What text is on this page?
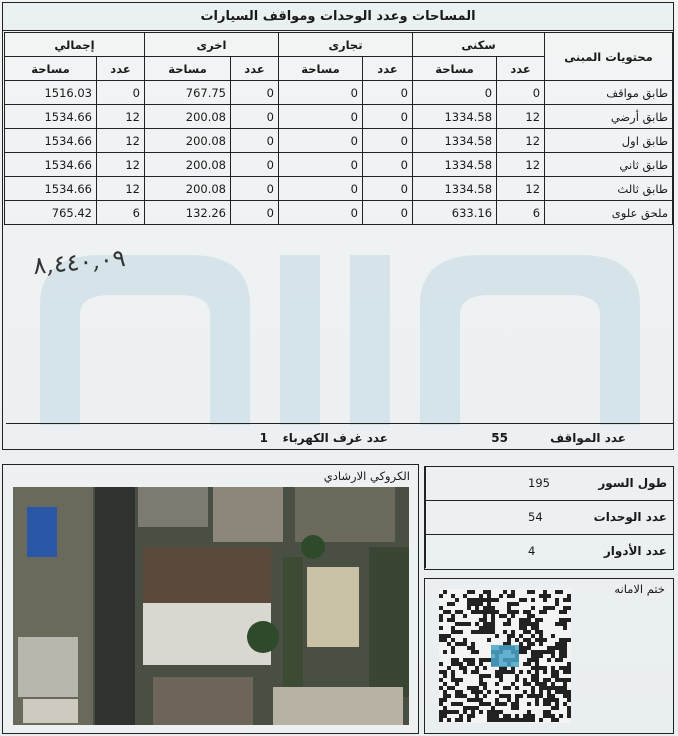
المساحات وعدد الوحدات ومواقف السيارات
محتويات المبنى	سكنى		تجارى		اخرى		إجمالي	
	عدد	مساحة	عدد	مساحة	عدد	مساحة	عدد	مساحة
طابق مواقف	0	0	0	0	0	767.75	0	1516.03
طابق أرضي	12	1334.58	0	0	0	200.08	12	1534.66
طابق اول	12	1334.58	0	0	0	200.08	12	1534.66
طابق ثاني	12	1334.58	0	0	0	200.08	12	1534.66
طابق ثالث	12	1334.58	0	0	0	200.08	12	1534.66
ملحق علوى	6	633.16	0	0	0	132.26	6	765.42
٨,٤٤٠,٠٩
عدد المواقف
55
عدد غرف الكهرباء
1
الكروكي الارشادي	طول السور
195
عدد الوحدات
54
عدد الأدوار
4
ختم الامانه
